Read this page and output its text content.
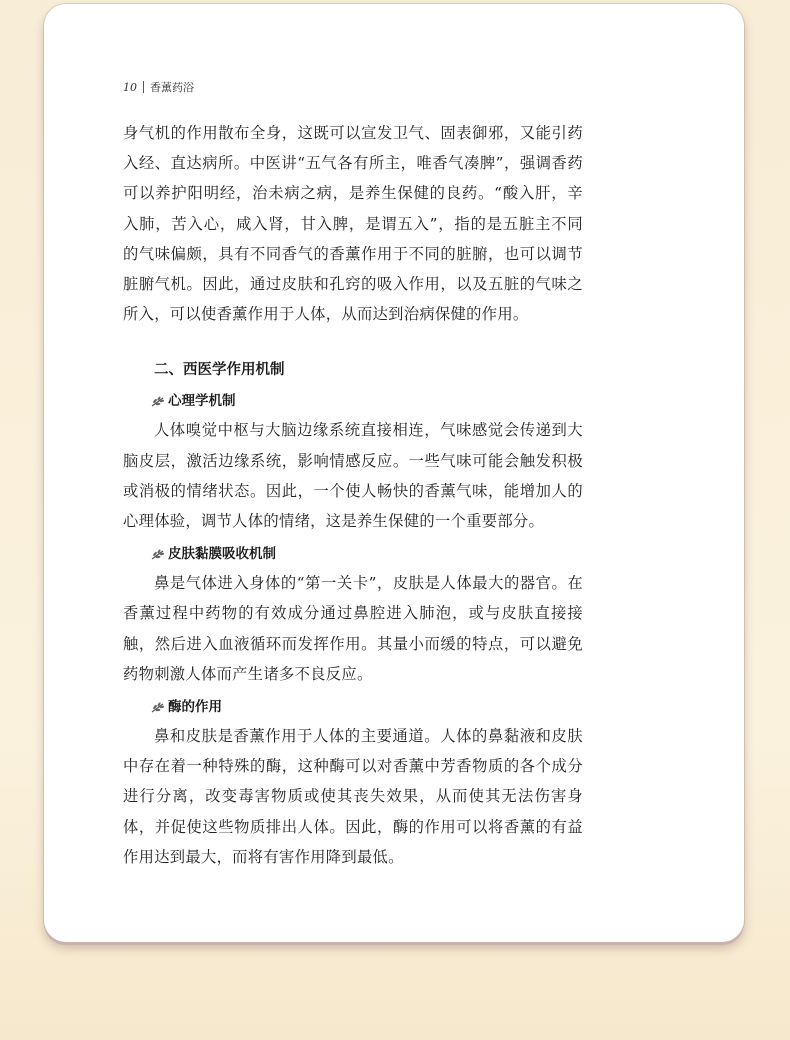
10 香薰药浴

身气机的作用散布全身，这既可以宣发卫气、固表御邪，又能引药入经、直达病所。中医讲“五气各有所主，唯香气凑脾”，强调香药可以养护阳明经，治未病之病，是养生保健的良药。“酸入肝，辛入肺，苦入心，咸入肾，甘入脾，是谓五入”，指的是五脏主不同的气味偏颇，具有不同香气的香薰作用于不同的脏腑，也可以调节脏腑气机。因此，通过皮肤和孔窍的吸入作用，以及五脏的气味之所入，可以使香薰作用于人体，从而达到治病保健的作用。

二、西医学作用机制
心理学机制

人体嗅觉中枢与大脑边缘系统直接相连，气味感觉会传递到大脑皮层，激活边缘系统，影响情感反应。一些气味可能会触发积极或消极的情绪状态。因此，一个使人畅快的香薰气味，能增加人的心理体验，调节人体的情绪，这是养生保健的一个重要部分。

皮肤黏膜吸收机制

鼻是气体进入身体的“第一关卡”，皮肤是人体最大的器官。在香薰过程中药物的有效成分通过鼻腔进入肺泡，或与皮肤直接接触，然后进入血液循环而发挥作用。其量小而缓的特点，可以避免药物刺激人体而产生诸多不良反应。

酶的作用

鼻和皮肤是香薰作用于人体的主要通道。人体的鼻黏液和皮肤中存在着一种特殊的酶，这种酶可以对香薰中芳香物质的各个成分进行分离，改变毒害物质或使其丧失效果，从而使其无法伤害身体，并促使这些物质排出人体。因此，酶的作用可以将香薰的有益作用达到最大，而将有害作用降到最低。
